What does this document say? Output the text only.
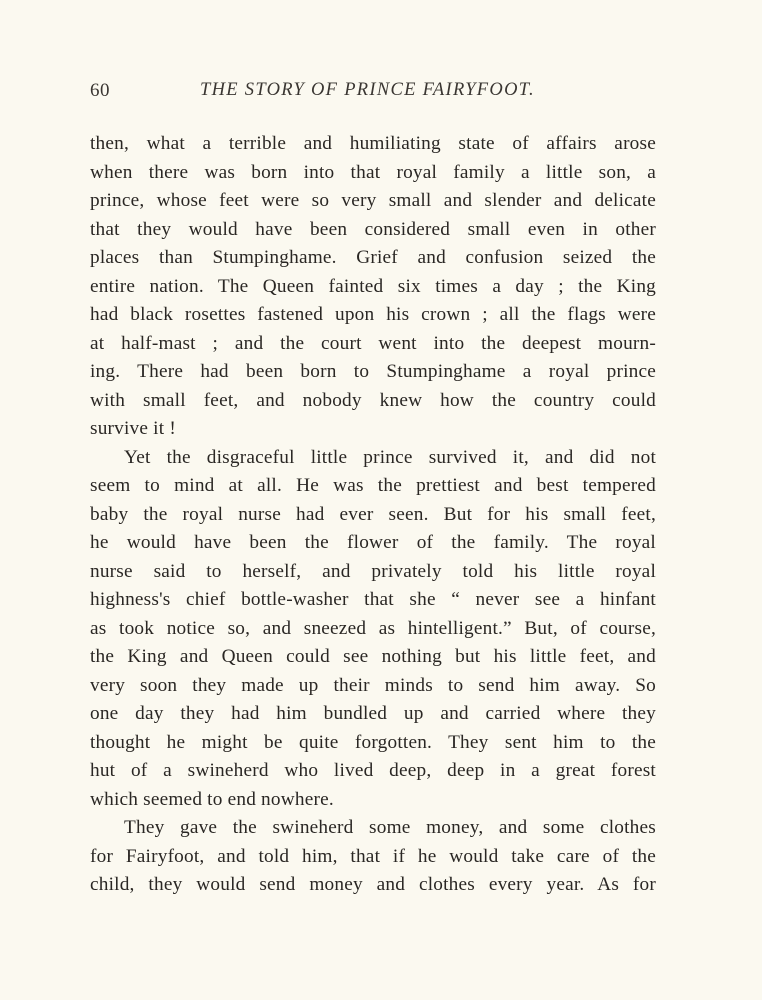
60	THE STORY OF PRINCE FAIRYFOOT.
then, what a terrible and humiliating state of affairs arose
when there was born into that royal family a little son, a
prince, whose feet were so very small and slender and delicate
that they would have been considered small even in other
places than Stumpinghame. Grief and confusion seized the
entire nation. The Queen fainted six times a day ; the King
had black rosettes fastened upon his crown ; all the flags were
at half-mast ; and the court went into the deepest mourn-
ing. There had been born to Stumpinghame a royal prince
with small feet, and nobody knew how the country could
survive it !
Yet the disgraceful little prince survived it, and did not
seem to mind at all. He was the prettiest and best tempered
baby the royal nurse had ever seen. But for his small feet,
he would have been the flower of the family. The royal
nurse said to herself, and privately told his little royal
highness's chief bottle-washer that she “ never see a hinfant
as took notice so, and sneezed as hintelligent.” But, of course,
the King and Queen could see nothing but his little feet, and
very soon they made up their minds to send him away. So
one day they had him bundled up and carried where they
thought he might be quite forgotten. They sent him to the
hut of a swineherd who lived deep, deep in a great forest
which seemed to end nowhere.
They gave the swineherd some money, and some clothes
for Fairyfoot, and told him, that if he would take care of the
child, they would send money and clothes every year. As for
